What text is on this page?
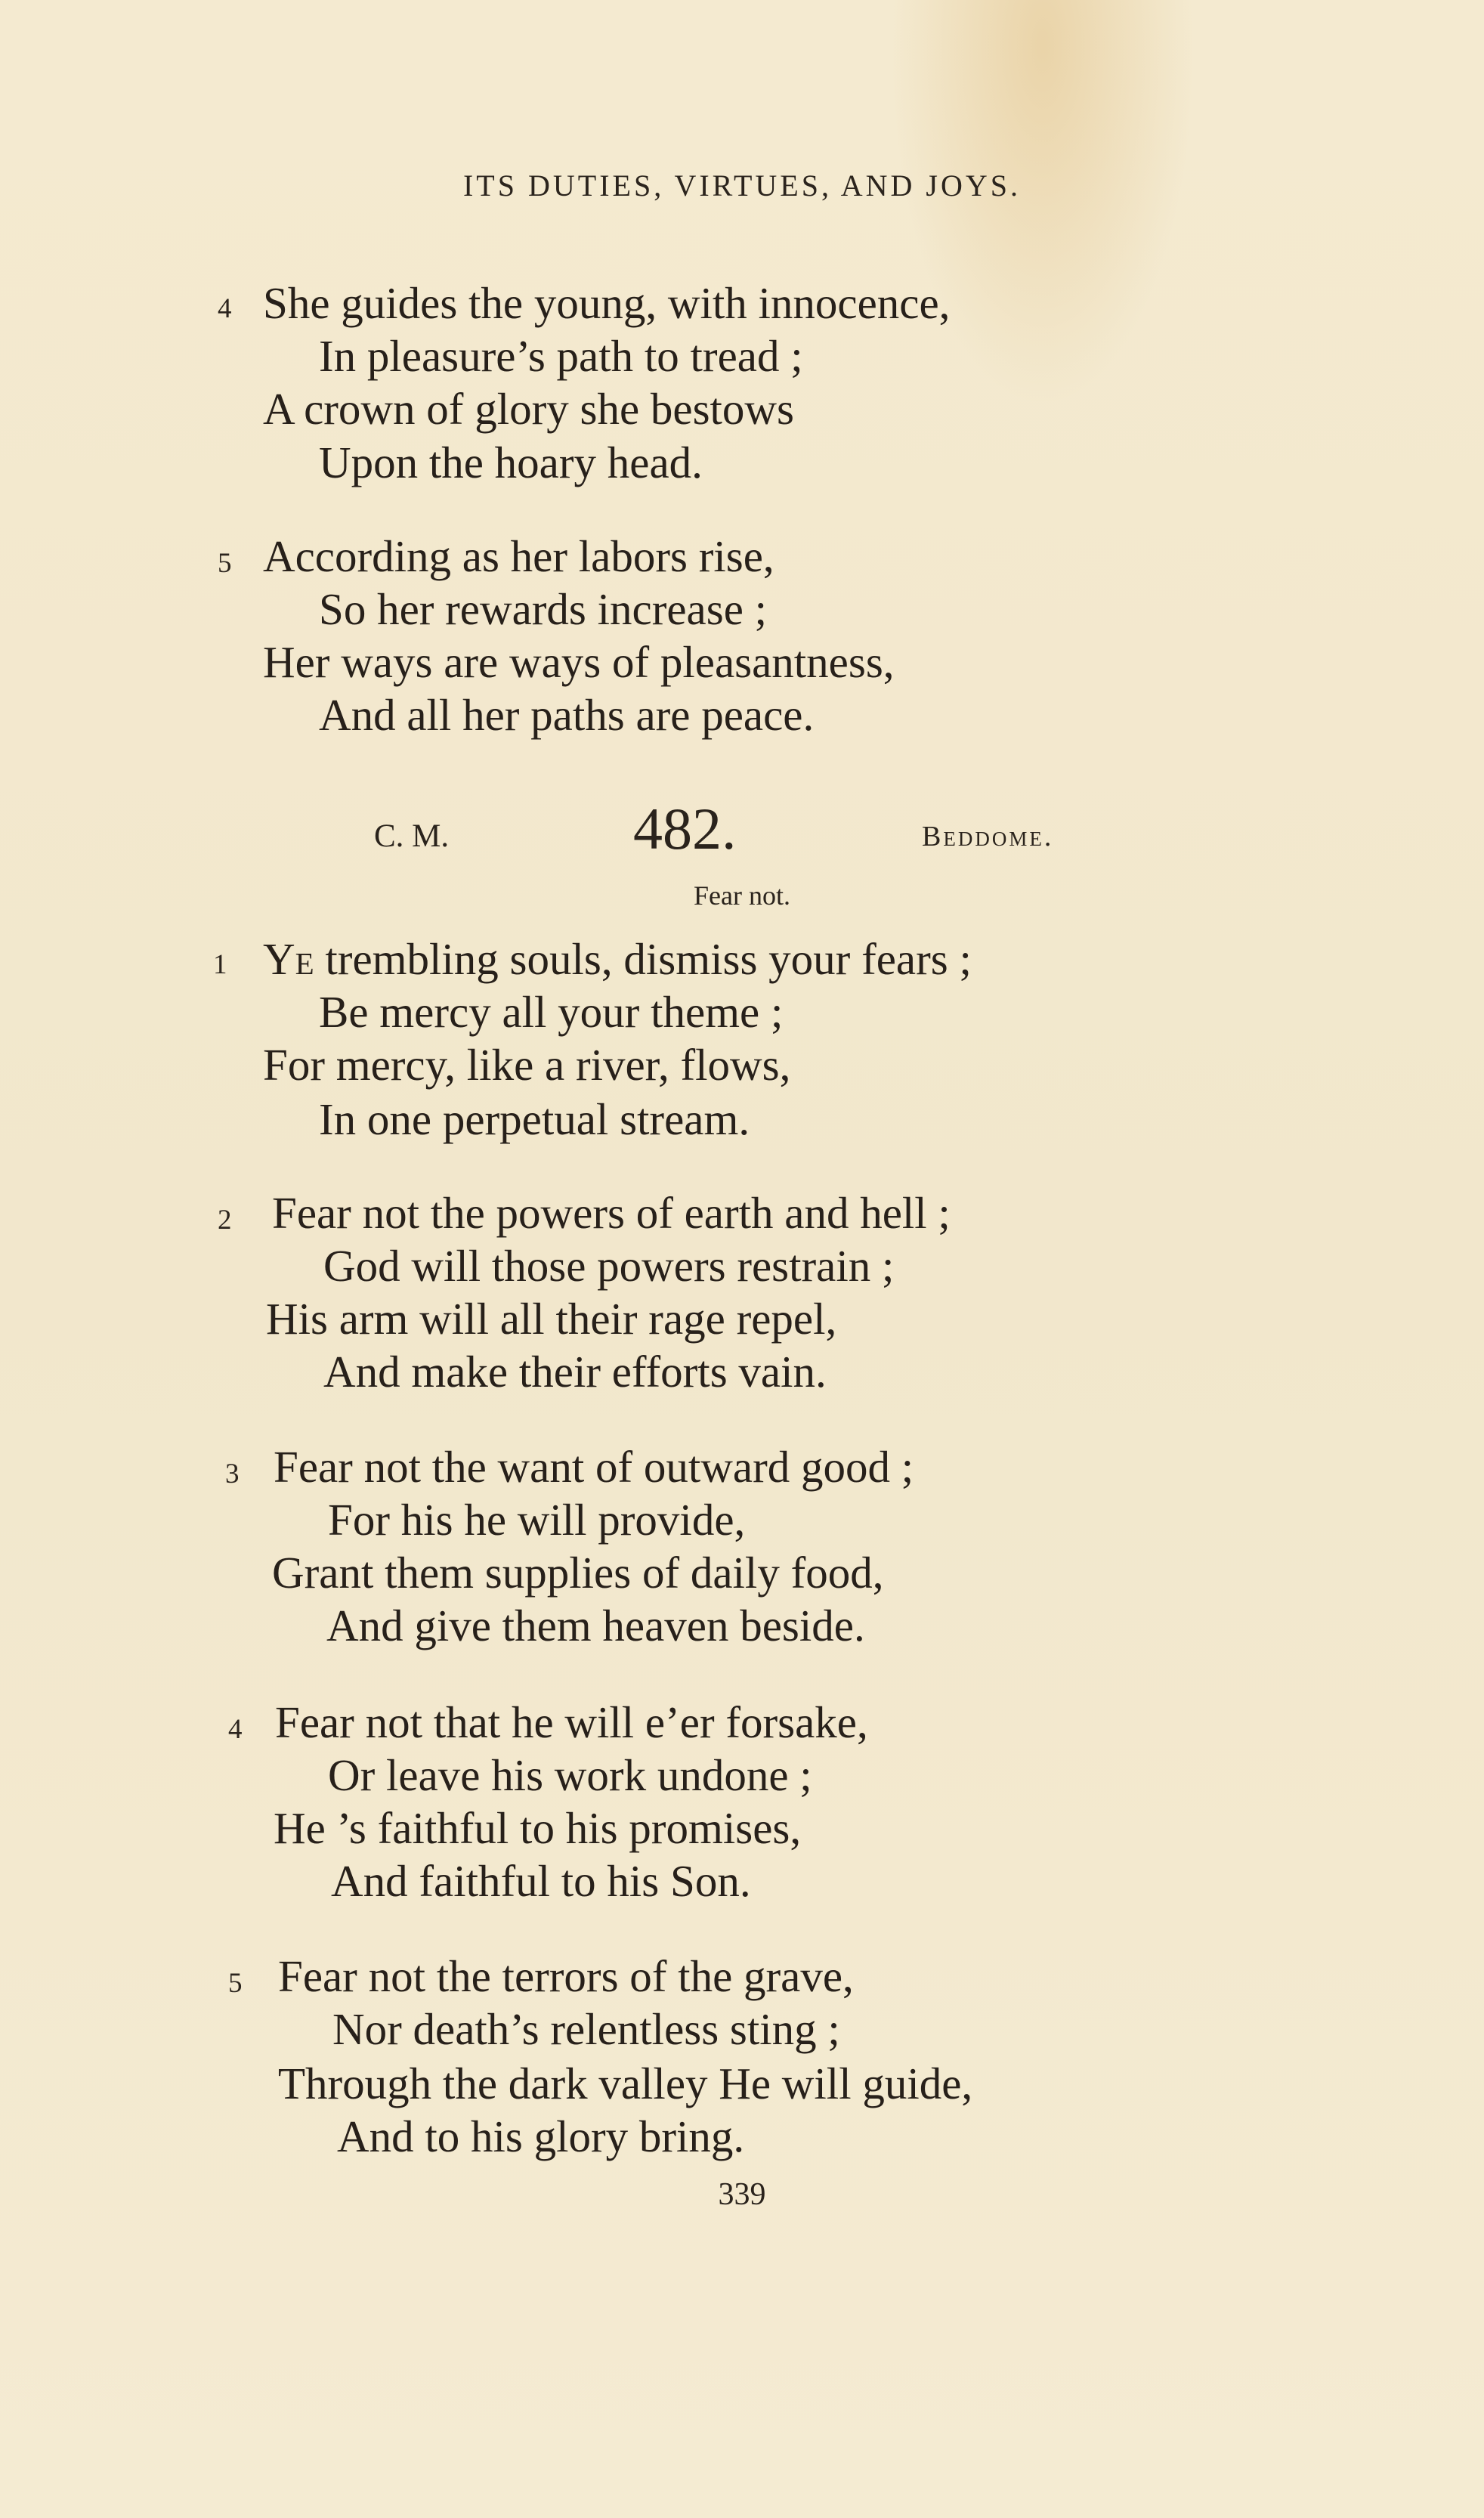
ITS DUTIES, VIRTUES, AND JOYS.
4 She guides the young, with innocence,
In pleasure’s path to tread ;
A crown of glory she bestows
Upon the hoary head.
5 According as her labors rise,
So her rewards increase ;
Her ways are ways of pleasantness,
And all her paths are peace.
C. M.	482.	Beddome.
Fear not.
1 Ye trembling souls, dismiss your fears ;
Be mercy all your theme ;
For mercy, like a river, flows,
In one perpetual stream.
2 Fear not the powers of earth and hell ;
God will those powers restrain ;
His arm will all their rage repel,
And make their efforts vain.
3 Fear not the want of outward good ;
For his he will provide,
Grant them supplies of daily food,
And give them heaven beside.
4 Fear not that he will e’er forsake,
Or leave his work undone ;
He ’s faithful to his promises,
And faithful to his Son.
5 Fear not the terrors of the grave,
Nor death’s relentless sting ;
Through the dark valley He will guide,
And to his glory bring.
339
